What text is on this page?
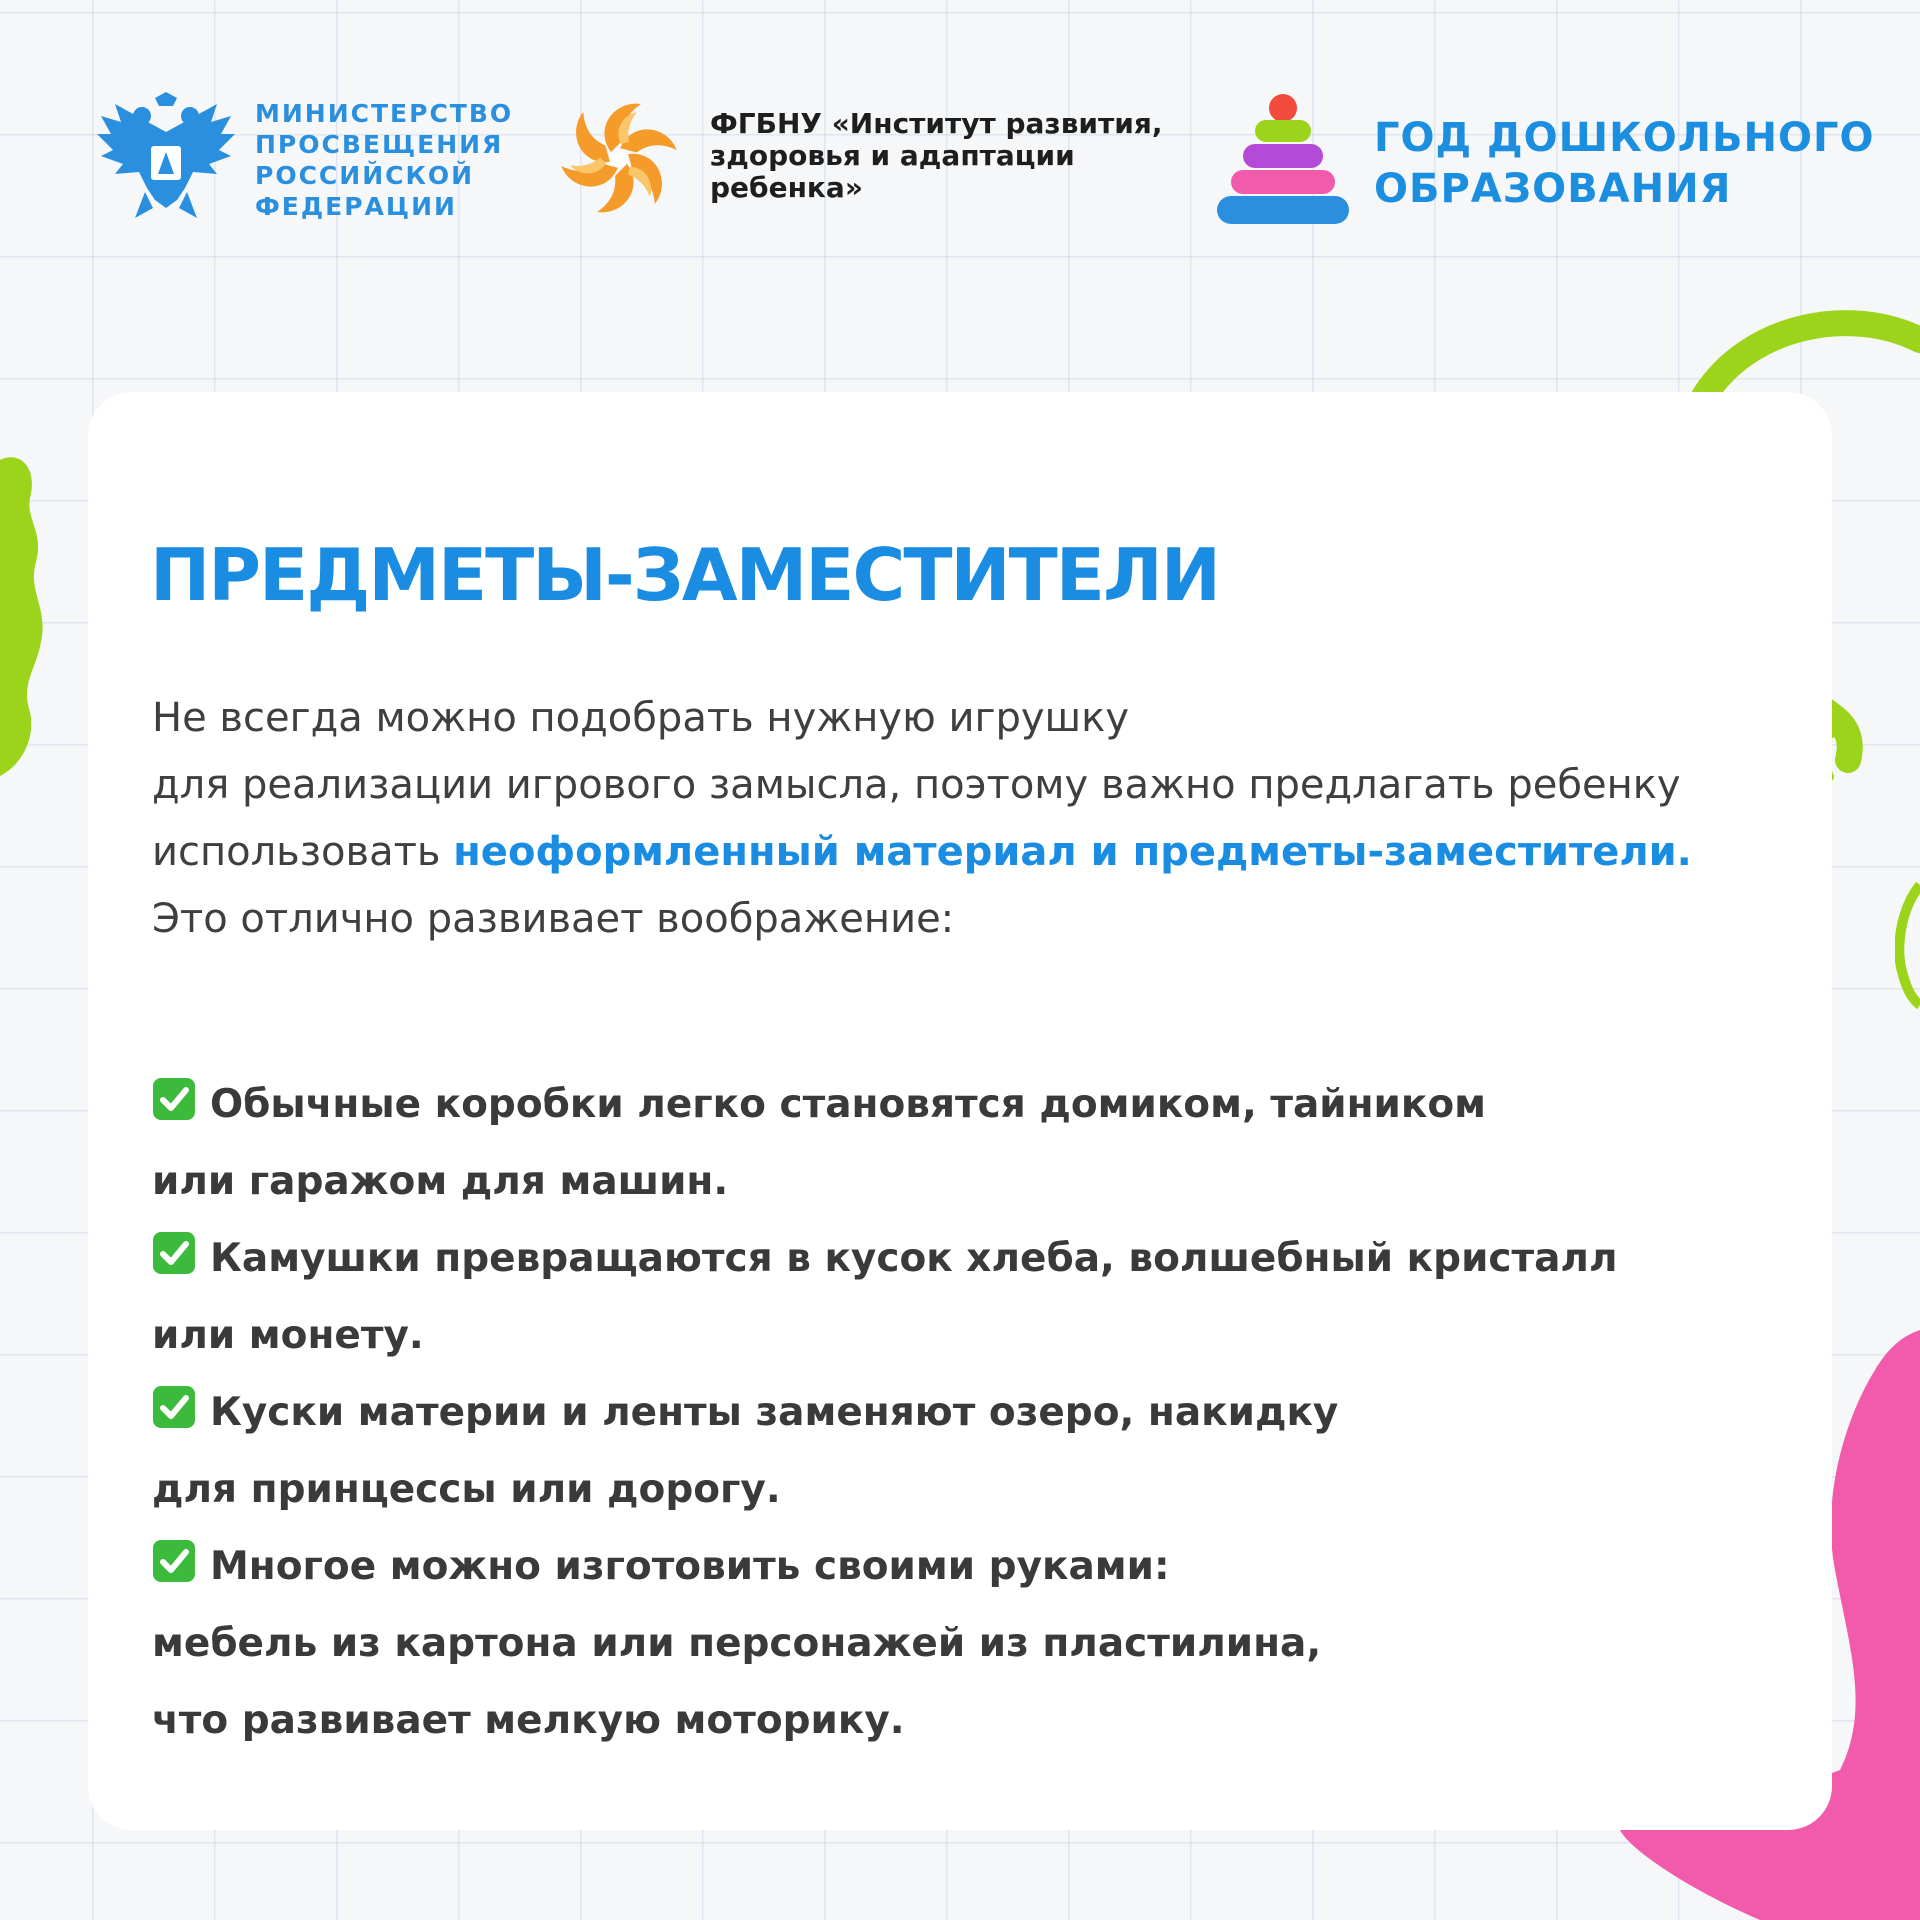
МИНИСТЕРСТВО
ПРОСВЕЩЕНИЯ
РОССИЙСКОЙ
ФЕДЕРАЦИИ
ФГБНУ «Институт развития,
здоровья и адаптации
ребенка»
ГОД ДОШКОЛЬНОГО
ОБРАЗОВАНИЯ
ПРЕДМЕТЫ-ЗАМЕСТИТЕЛИ

Не всегда можно подобрать нужную игрушку
для реализации игрового замысла, поэтому важно предлагать ребенку использовать неоформленный материал и предметы-заместители.
Это отлично развивает воображение:

Обычные коробки легко становятся домиком, тайником
или гаражом для машин.
Камушки превращаются в кусок хлеба, волшебный кристалл
или монету.
Куски материи и ленты заменяют озеро, накидку
для принцессы или дорогу.
Многое можно изготовить своими руками:
мебель из картона или персонажей из пластилина,
что развивает мелкую моторику.
